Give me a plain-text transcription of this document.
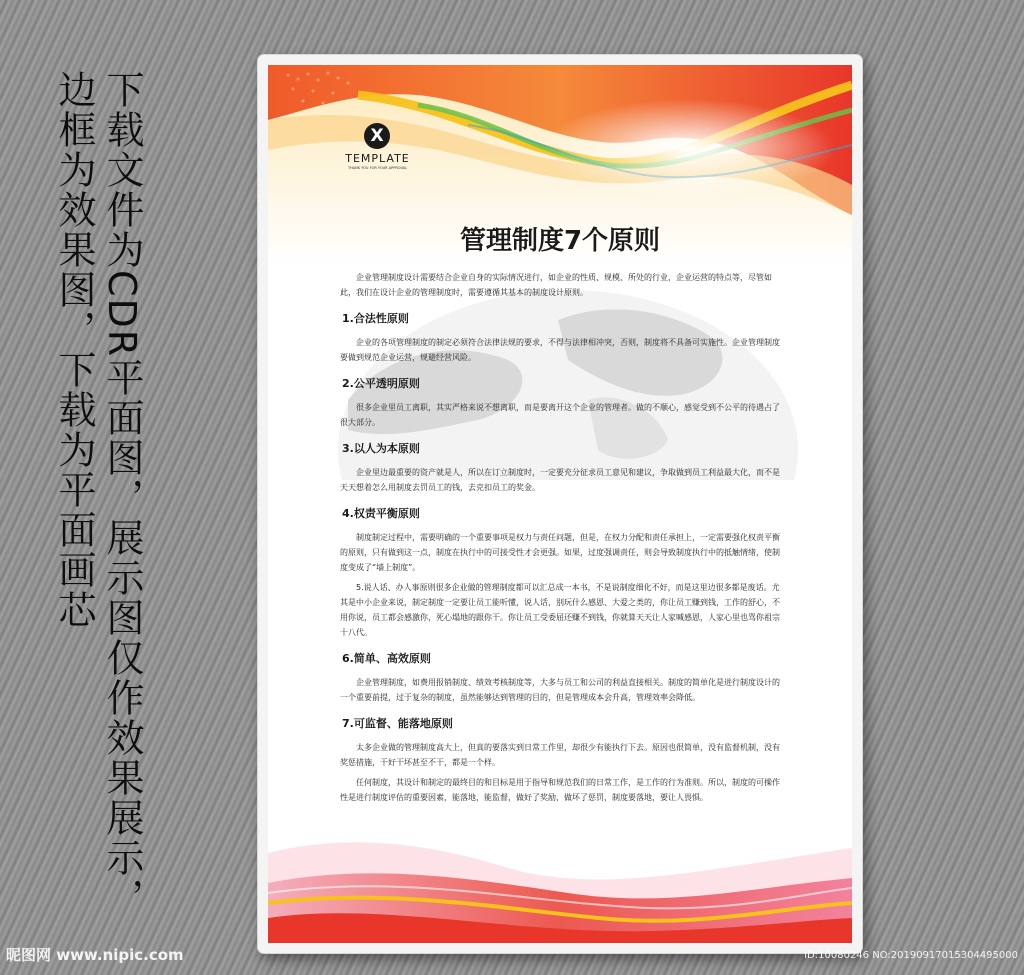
下载文件为CDR平面图，展示图仅作效果展示，
边框为效果图，下载为平面画芯	X
TEMPLATE
THANK YOU FOR YOUR APPROVAL
管理制度7个原则

企业管理制度设计需要结合企业自身的实际情况进行，如企业的性质、规模、所处的行业，企业运营的特点等，尽管如此，我们在设计企业的管理制度时，需要遵循其基本的制度设计原则。

1.合法性原则

企业的各项管理制度的制定必须符合法律法规的要求，不得与法律相冲突，否则，制度将不具备可实施性。企业管理制度要做到规范企业运营，规避经营风险。

2.公平透明原则

很多企业里员工离职，其实严格来说不想离职，而是要离开这个企业的管理者。做的不顺心，感觉受到不公平的待遇占了很大部分。

3.以人为本原则

企业里边最重要的资产就是人，所以在订立制度时，一定要充分征求员工意见和建议，争取做到员工利益最大化，而不是天天想着怎么用制度去罚员工的钱，去克扣员工的奖金。

4.权责平衡原则

制度制定过程中，需要明确的一个重要事项是权力与责任问题，但是，在权力分配和责任承担上，一定需要强化权责平衡的原则，只有做到这一点，制度在执行中的可接受性才会更强。如果，过度强调责任，则会导致制度执行中的抵触情绪，使制度变成了“墙上制度”。

5.说人话、办人事原则很多企业做的管理制度都可以汇总成一本书，不是说制度细化不好，而是这里边很多都是废话。尤其是中小企业来说，制定制度一定要让员工能听懂，说人话，别玩什么感恩、大爱之类的，你让员工赚到钱，工作的舒心，不用你说，员工都会感激你，死心塌地的跟你干。你让员工受委屈还赚不到钱，你就算天天让人家喊感恩，人家心里也骂你祖宗十八代。

6.简单、高效原则

企业管理制度，如费用报销制度、绩效考核制度等，大多与员工和公司的利益直接相关。制度的简单化是进行制度设计的一个重要前提，过于复杂的制度，虽然能够达到管理的目的，但是管理成本会升高，管理效率会降低。

7.可监督、能落地原则

太多企业做的管理制度高大上，但真的要落实到日常工作里，却很少有能执行下去。原因也很简单，没有监督机制，没有奖惩措施，干好干坏甚至不干，都是一个样。

任何制度，其设计和制定的最终目的和目标是用于指导和规范我们的日常工作，是工作的行为准则。所以，制度的可操作性是进行制度评估的重要因素，能落地，能监督，做好了奖励，做坏了惩罚，制度要落地，要让人畏惧。

昵图网 www.nipic.com	ID:10080246 NO:20190917015304495000
